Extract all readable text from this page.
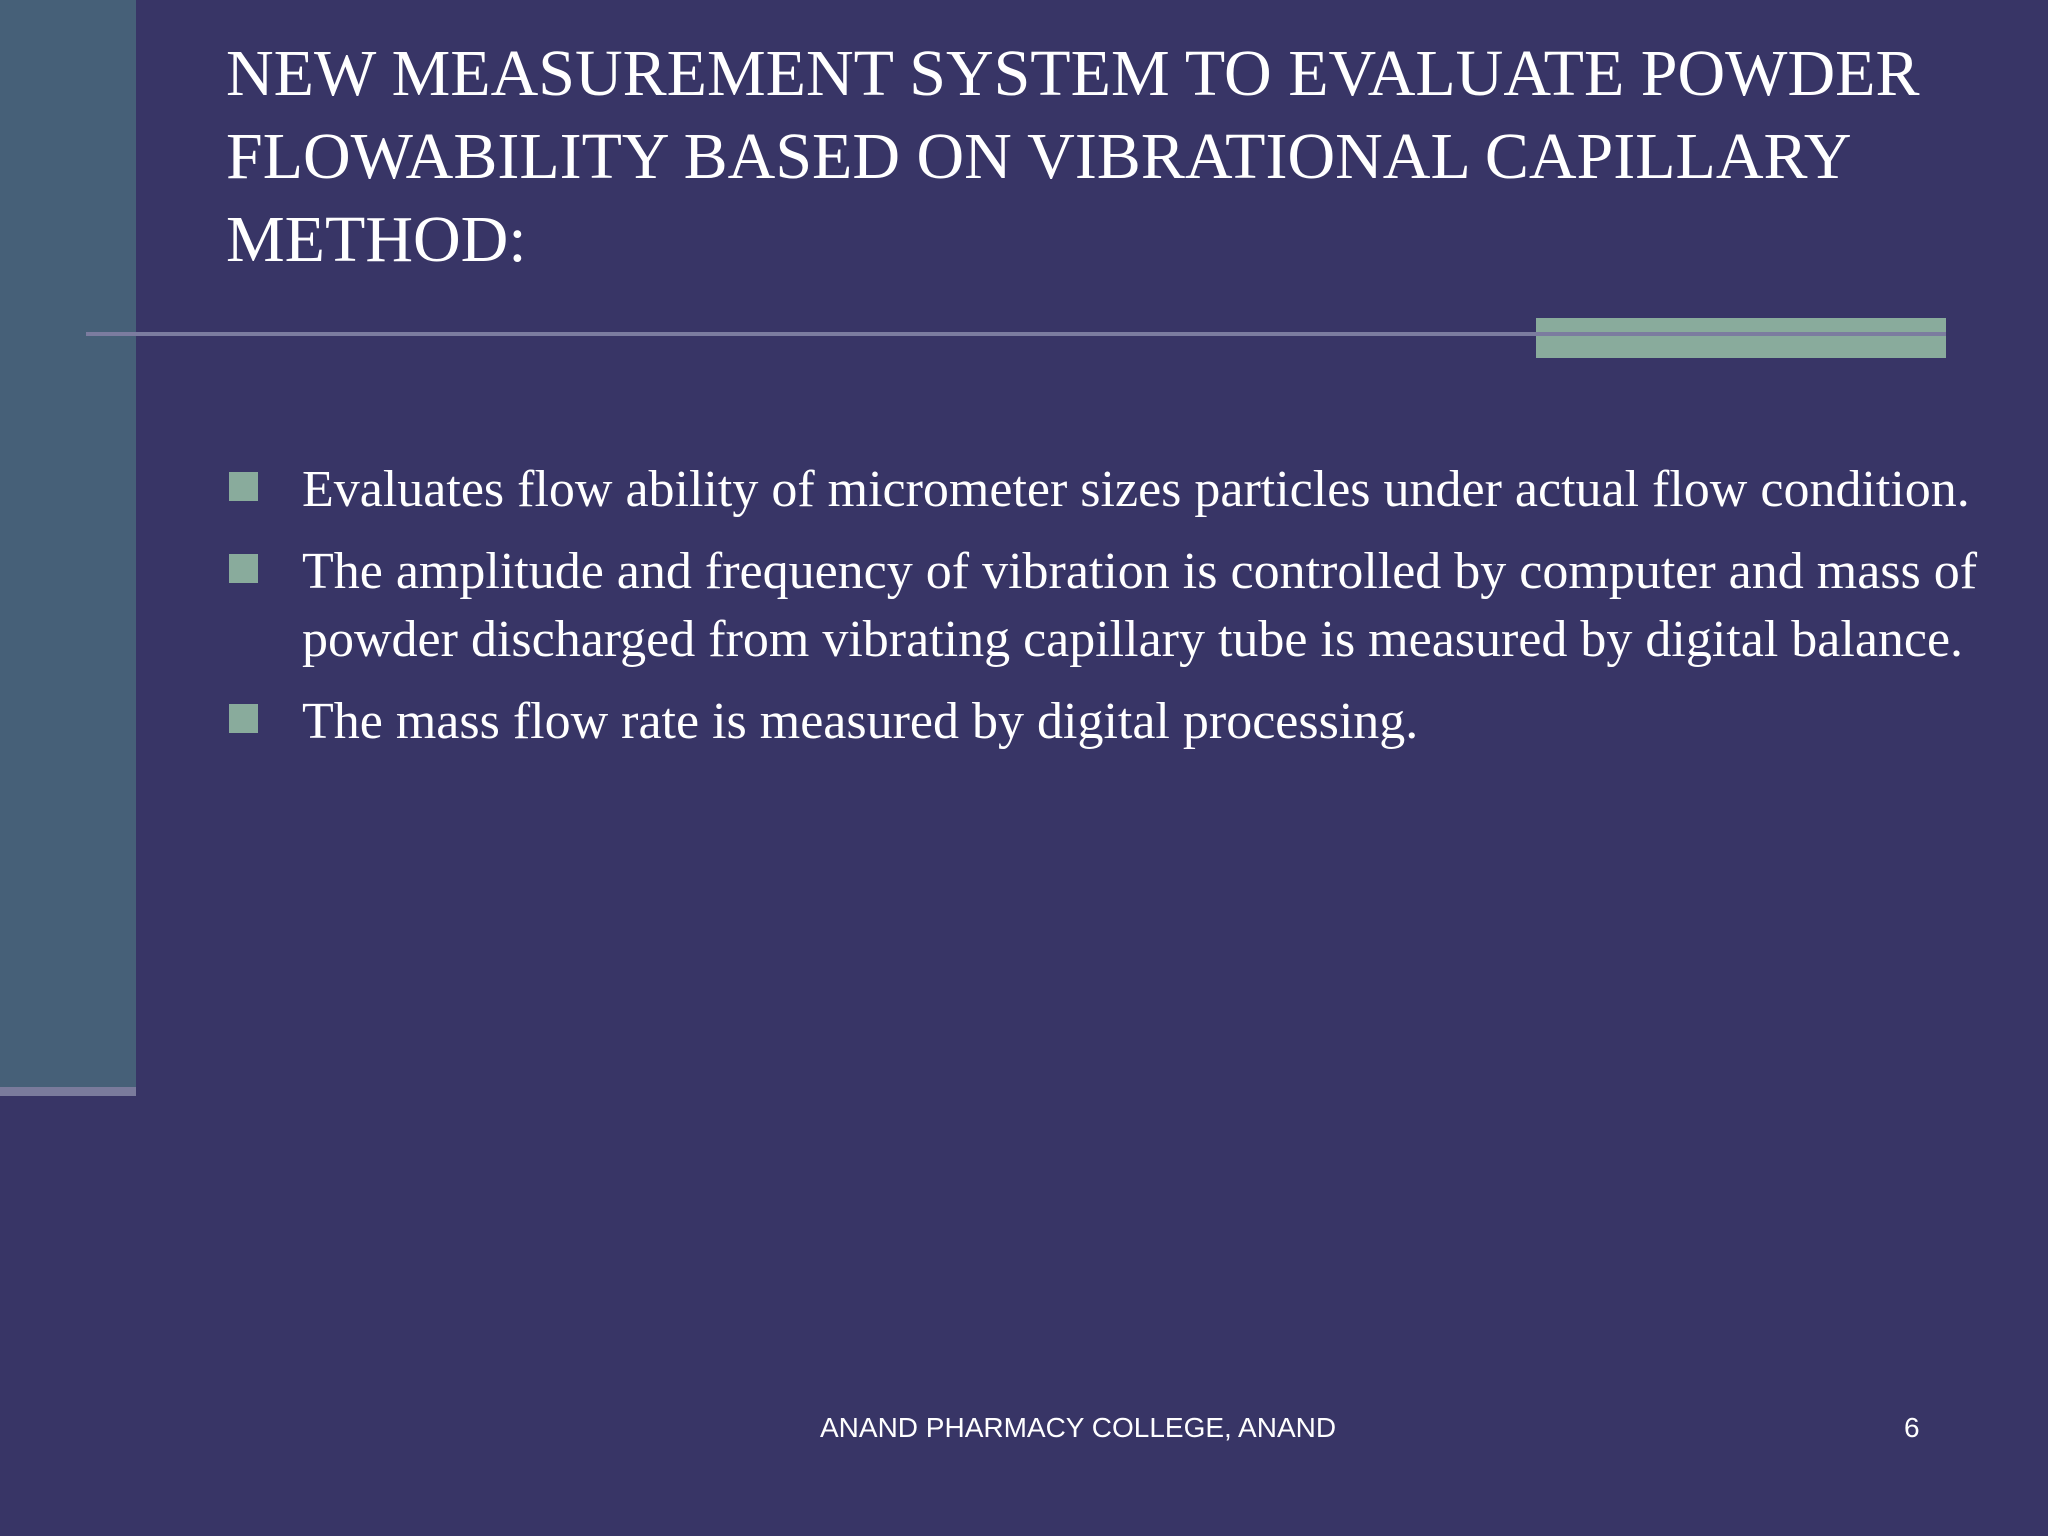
NEW MEASUREMENT SYSTEM TO EVALUATE POWDER FLOWABILITY BASED ON VIBRATIONAL CAPILLARY METHOD:
Evaluates flow ability of micrometer sizes particles under actual flow condition.
The amplitude and frequency of vibration is controlled by computer and mass of powder discharged from vibrating capillary tube is measured by digital balance.
The mass flow rate is measured by digital processing.
ANAND PHARMACY COLLEGE, ANAND	6
